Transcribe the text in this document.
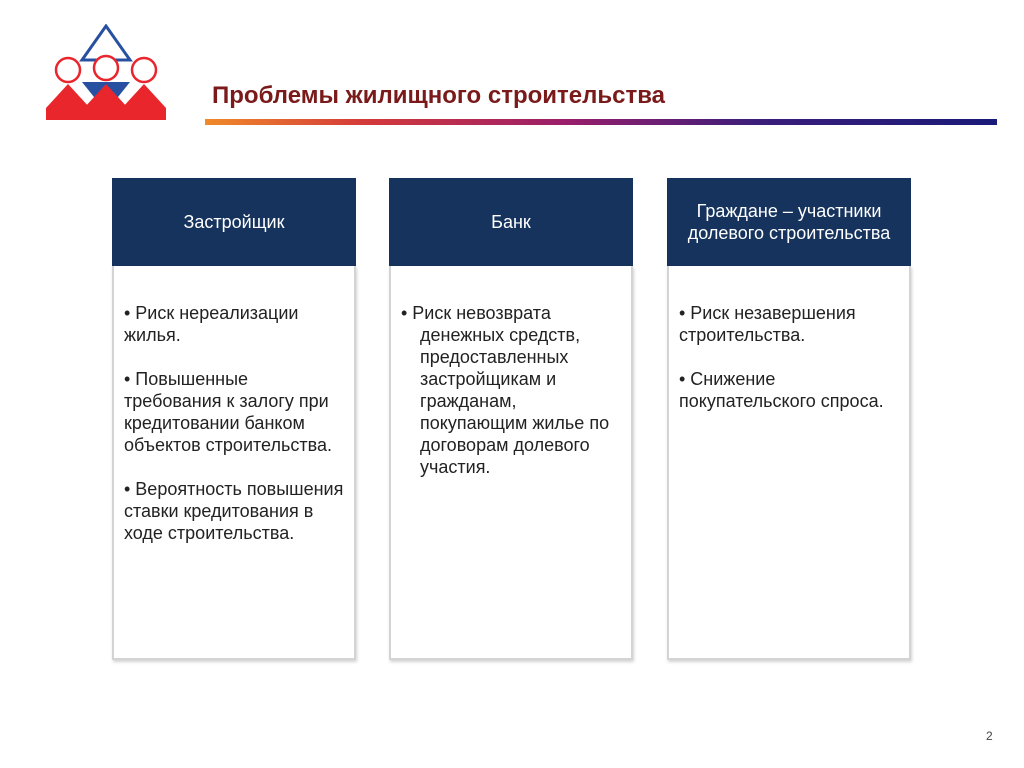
Проблемы жилищного строительства
Застройщик
• Риск нереализации жилья.
• Повышенные требования к залогу при кредитовании банком объектов строительства.
• Вероятность повышения ставки кредитования в ходе строительства.
Банк
• Риск невозврата денежных средств, предоставленных застройщикам и гражданам, покупающим жилье по договорам долевого участия.
Граждане – участники долевого строительства
• Риск незавершения строительства.
• Снижение покупательского спроса.
2
